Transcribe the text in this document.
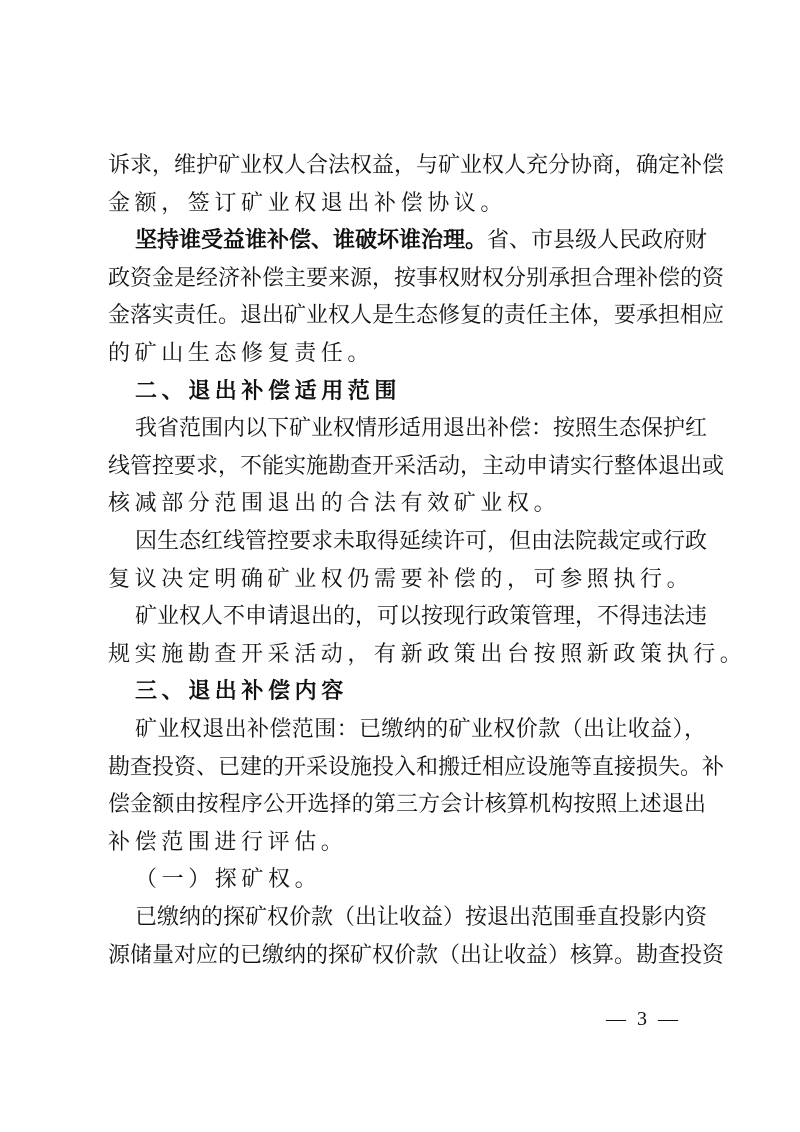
诉求，维护矿业权人合法权益，与矿业权人充分协商，确定补偿
金额，签订矿业权退出补偿协议。
坚持谁受益谁补偿、谁破坏谁治理。省、市县级人民政府财
政资金是经济补偿主要来源，按事权财权分别承担合理补偿的资
金落实责任。退出矿业权人是生态修复的责任主体，要承担相应
的矿山生态修复责任。
二、退出补偿适用范围
我省范围内以下矿业权情形适用退出补偿：按照生态保护红
线管控要求，不能实施勘查开采活动，主动申请实行整体退出或
核减部分范围退出的合法有效矿业权。
因生态红线管控要求未取得延续许可，但由法院裁定或行政
复议决定明确矿业权仍需要补偿的，可参照执行。
矿业权人不申请退出的，可以按现行政策管理，不得违法违
规实施勘查开采活动，有新政策出台按照新政策执行。
三、退出补偿内容
矿业权退出补偿范围：已缴纳的矿业权价款（出让收益），
勘查投资、已建的开采设施投入和搬迁相应设施等直接损失。补
偿金额由按程序公开选择的第三方会计核算机构按照上述退出
补偿范围进行评估。
（一）探矿权。
已缴纳的探矿权价款（出让收益）按退出范围垂直投影内资
源储量对应的已缴纳的探矿权价款（出让收益）核算。勘查投资
— 3 —
